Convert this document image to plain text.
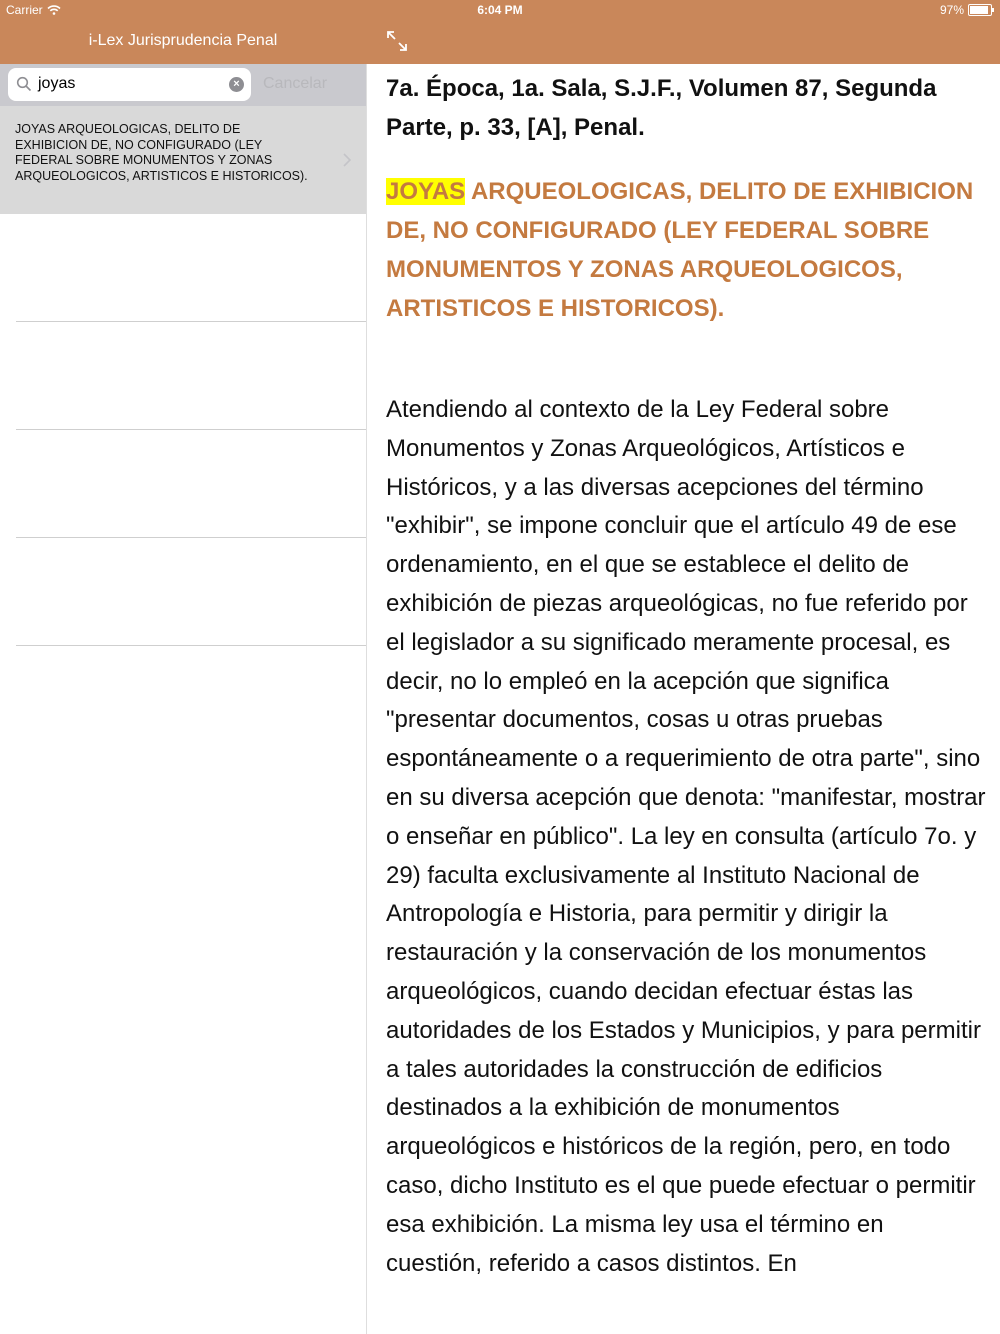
Carrier	6:04 PM	97%
i-Lex Jurisprudencia Penal
joyas	× Cancelar
JOYAS ARQUEOLOGICAS, DELITO DE EXHIBICION DE, NO CONFIGURADO (LEY FEDERAL SOBRE MONUMENTOS Y ZONAS ARQUEOLOGICOS, ARTISTICOS E HISTORICOS).
7a. Época, 1a. Sala, S.J.F., Volumen 87, Segunda Parte, p. 33, [A], Penal.
JOYAS ARQUEOLOGICAS, DELITO DE EXHIBICION DE, NO CONFIGURADO (LEY FEDERAL SOBRE MONUMENTOS Y ZONAS ARQUEOLOGICOS, ARTISTICOS E HISTORICOS).
Atendiendo al contexto de la Ley Federal sobre Monumentos y Zonas Arqueológicos, Artísticos e Históricos, y a las diversas acepciones del término "exhibir", se impone concluir que el artículo 49 de ese ordenamiento, en el que se establece el delito de exhibición de piezas arqueológicas, no fue referido por el legislador a su significado meramente procesal, es decir, no lo empleó en la acepción que significa "presentar documentos, cosas u otras pruebas espontáneamente o a requerimiento de otra parte", sino en su diversa acepción que denota: "manifestar, mostrar o enseñar en público". La ley en consulta (artículo 7o. y 29) faculta exclusivamente al Instituto Nacional de Antropología e Historia, para permitir y dirigir la restauración y la conservación de los monumentos arqueológicos, cuando decidan efectuar éstas las autoridades de los Estados y Municipios, y para permitir a tales autoridades la construcción de edificios destinados a la exhibición de monumentos arqueológicos e históricos de la región, pero, en todo caso, dicho Instituto es el que puede efectuar o permitir esa exhibición. La misma ley usa el término en cuestión, referido a casos distintos. En
